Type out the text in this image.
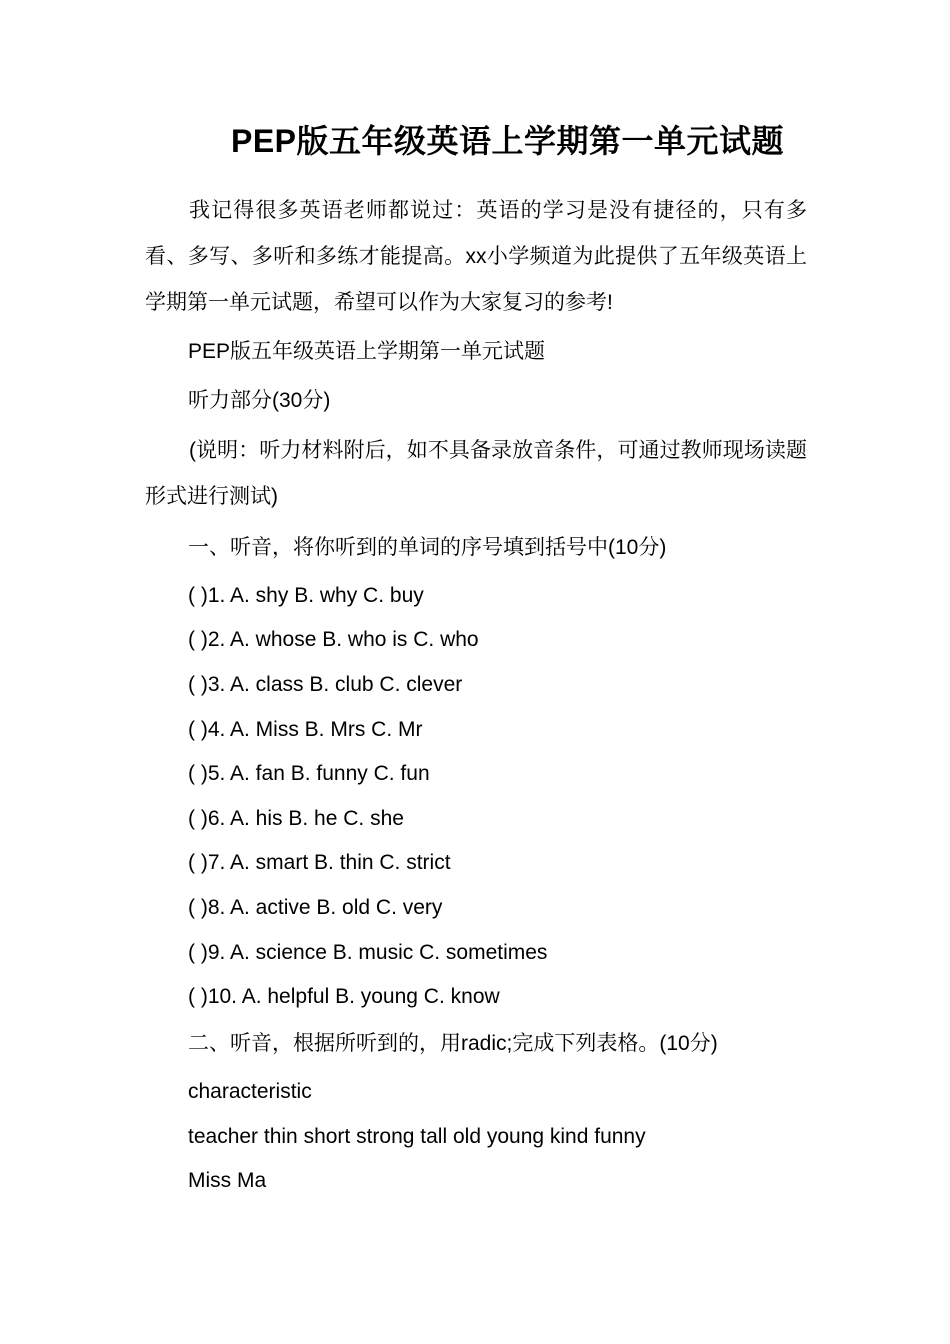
PEP版五年级英语上学期第一单元试题
我记得很多英语老师都说过：英语的学习是没有捷径的，只有多看、多写、多听和多练才能提高。xx小学频道为此提供了五年级英语上学期第一单元试题，希望可以作为大家复习的参考!
PEP版五年级英语上学期第一单元试题
听力部分(30分)
(说明：听力材料附后，如不具备录放音条件，可通过教师现场读题形式进行测试)
一、听音，将你听到的单词的序号填到括号中(10分)
( )1. A. shy B. why C. buy
( )2. A. whose B. who is C. who
( )3. A. class B. club C. clever
( )4. A. Miss B. Mrs C. Mr
( )5. A. fan B. funny C. fun
( )6. A. his B. he C. she
( )7. A. smart B. thin C. strict
( )8. A. active B. old C. very
( )9. A. science B. music C. sometimes
( )10. A. helpful B. young C. know
二、听音，根据所听到的，用radic;完成下列表格。(10分)
characteristic
teacher thin short strong tall old young kind funny
Miss Ma
